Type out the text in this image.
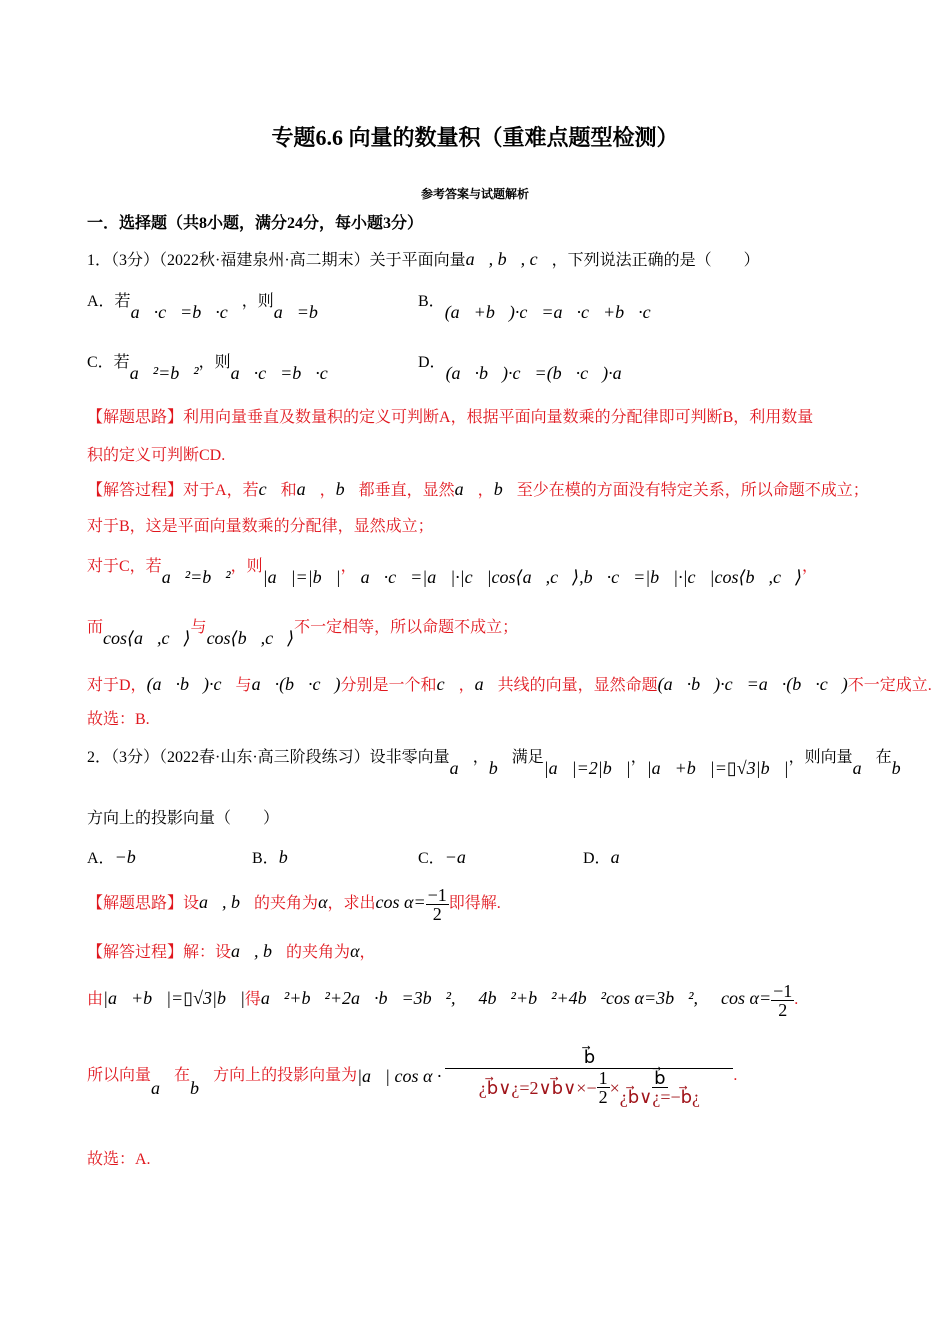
专题6.6 向量的数量积（重难点题型检测）
参考答案与试题解析
一．选择题（共8小题，满分24分，每小题3分）
1．（3分）（2022秋·福建泉州·高二期末）关于平面向量a⃗, b⃗, c⃗，下列说法正确的是（　　）
A．若a⃗·c⃗=b⃗·c⃗，则a⃗=b⃗
B．(a⃗+b⃗)·c⃗=a⃗·c⃗+b⃗·c⃗
C．若a⃗²=b⃗²，则a⃗·c⃗=b⃗·c⃗
D．(a⃗·b⃗)·c⃗=(b⃗·c⃗)·a⃗
【解题思路】利用向量垂直及数量积的定义可判断A，根据平面向量数乘的分配律即可判断B，利用数量
积的定义可判断CD.
【解答过程】对于A，若c⃗和a⃗，b⃗都垂直，显然a⃗，b⃗至少在模的方面没有特定关系，所以命题不成立；
对于B，这是平面向量数乘的分配律，显然成立；
对于C，若a⃗²=b⃗²，则|a⃗|=|b⃗|， a⃗·c⃗=|a⃗|·|c⃗|cos⟨a⃗,c⃗⟩,b⃗·c⃗=|b⃗|·|c⃗|cos⟨b⃗,c⃗⟩，
而cos⟨a⃗,c⃗⟩与cos⟨b⃗,c⃗⟩不一定相等，所以命题不成立；
对于D，(a⃗·b⃗)·c⃗与a⃗·(b⃗·c⃗)分别是一个和c⃗，a⃗共线的向量，显然命题(a⃗·b⃗)·c⃗=a⃗·(b⃗·c⃗)不一定成立.
故选：B.
2．（3分）（2022春·山东·高三阶段练习）设非零向量a⃗，b⃗满足|a⃗|=2|b⃗|，|a⃗+b⃗|=▯√3|b⃗|，则向量a⃗在b⃗
方向上的投影向量（　　）
A．−b⃗	B．b⃗	C．−a⃗	D．a⃗
【解题思路】设a⃗, b⃗的夹角为α，求出$\cos \alpha= \frac{-1}{2}$ 即得解.
【解答过程】解：设a⃗, b⃗的夹角为α，
由|a⃗+b⃗|=▯√3|b⃗|得a⃗²+b⃗²+2a⃗·b⃗=3b⃗², ∴ 4b⃗²+b⃗²+4b⃗²cos α=3b⃗², ∴ $\cos \alpha= \frac{-1}{2}$ .
所以向量
a⃗
在
b⃗
方向上的投影向量为 |a⃗| $\cos \alpha \cdot \frac{b⃗}{¿b⃗\vee¿=2\vee b⃗\vee\times- \frac{1}{2} \times \frac{b⃗}{¿b⃗\vee¿=-b⃗¿}}$ .
故选：A.
